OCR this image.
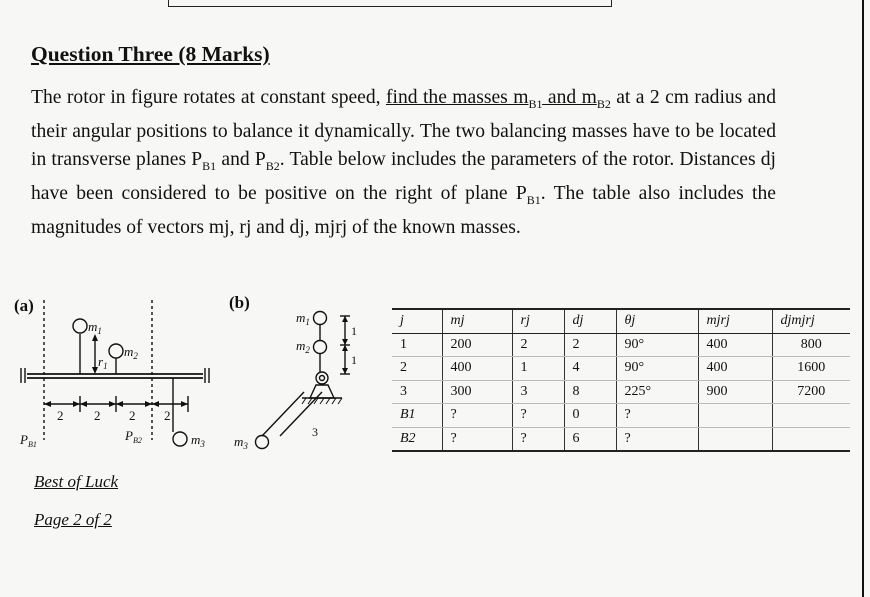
Question Three (8 Marks)
The rotor in figure rotates at constant speed, find the masses $m_{B1}$ and $m_{B2}$ at a 2 cm radius and their angular positions to balance it dynamically. The two balancing masses have to be located in transverse planes $P_{B1}$ and $P_{B2}$. Table below includes the parameters of the rotor. Distances dj have been considered to be positive on the right of plane $P_{B1}$. The table also includes the magnitudes of vectors mj, rj and dj, mjrj of the known masses.
(a)
$m_1$
$m_2$
$r_1$
$m_3$
$P_{B1}$
$P_{B2}$
2 2 2 2
(b)
$m_1$
$m_2$
$m_3$
1
1
3
j	mj	rj	dj	θj	mjrj	djmjrj
1	200	2	2	90°	400	800
2	400	1	4	90°	400	1600
3	300	3	8	225°	900	7200
B1	?	?	0	?		
B2	?	?	6	?		
Best of Luck
Page 2 of 2
